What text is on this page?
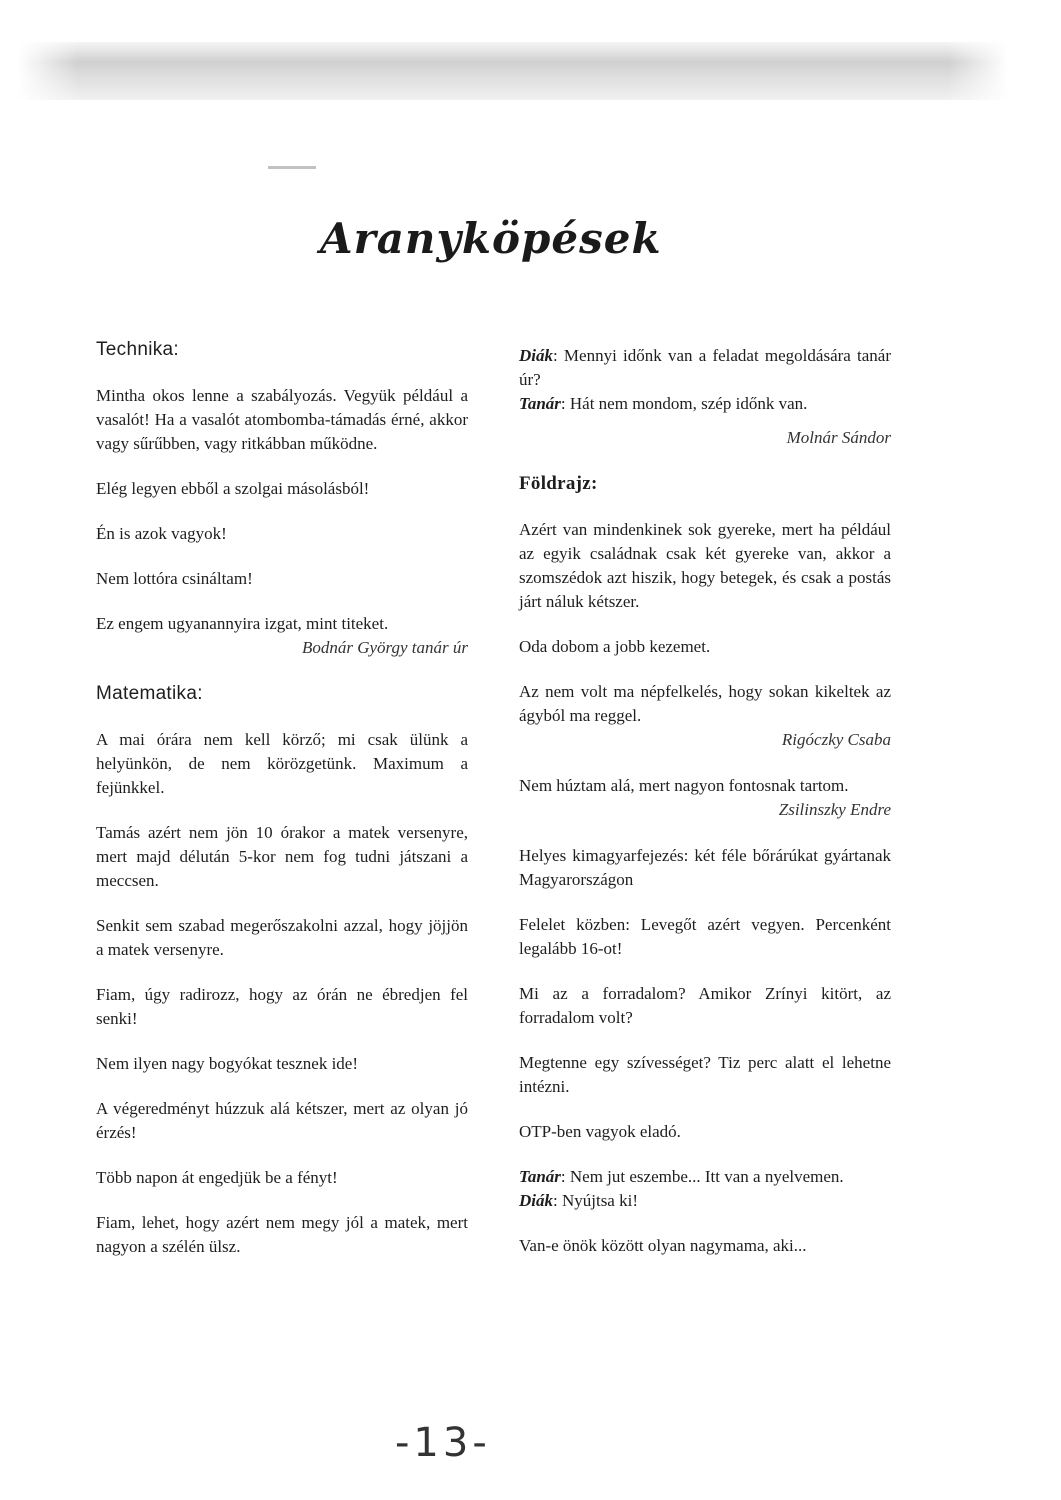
Aranyköpések
Technika:

Mintha okos lenne a szabályozás. Vegyük például a vasalót! Ha a vasalót atombomba-támadás érné, akkor vagy sűrűbben, vagy ritkábban működne.

Elég legyen ebből a szolgai másolásból!

Én is azok vagyok!

Nem lottóra csináltam!

Ez engem ugyanannyira izgat, mint titeket.

Bodnár György tanár úr

Matematika:

A mai órára nem kell körző; mi csak ülünk a helyünkön, de nem körözgetünk. Maximum a fejünkkel.

Tamás azért nem jön 10 órakor a matek versenyre, mert majd délután 5-kor nem fog tudni játszani a meccsen.

Senkit sem szabad megerőszakolni azzal, hogy jöjjön a matek versenyre.

Fiam, úgy radirozz, hogy az órán ne ébredjen fel senki!

Nem ilyen nagy bogyókat tesznek ide!

A végeredményt húzzuk alá kétszer, mert az olyan jó érzés!

Több napon át engedjük be a fényt!

Fiam, lehet, hogy azért nem megy jól a matek, mert nagyon a szélén ülsz.

Diák: Mennyi időnk van a feladat megoldására tanár úr?

Tanár: Hát nem mondom, szép időnk van.

Molnár Sándor

Földrajz:

Azért van mindenkinek sok gyereke, mert ha például az egyik családnak csak két gyereke van, akkor a szomszédok azt hiszik, hogy betegek, és csak a postás járt náluk kétszer.

Oda dobom a jobb kezemet.

Az nem volt ma népfelkelés, hogy sokan kikeltek az ágyból ma reggel.

Rigóczky Csaba

Nem húztam alá, mert nagyon fontosnak tartom.

Zsilinszky Endre

Helyes kimagyarfejezés: két féle bőrárúkat gyártanak Magyarországon

Felelet közben: Levegőt azért vegyen. Percenként legalább 16-ot!

Mi az a forradalom? Amikor Zrínyi kitört, az forradalom volt?

Megtenne egy szívességet? Tiz perc alatt el lehetne intézni.

OTP-ben vagyok eladó.

Tanár: Nem jut eszembe... Itt van a nyelvemen.

Diák: Nyújtsa ki!

Van-e önök között olyan nagymama, aki...

-13-
